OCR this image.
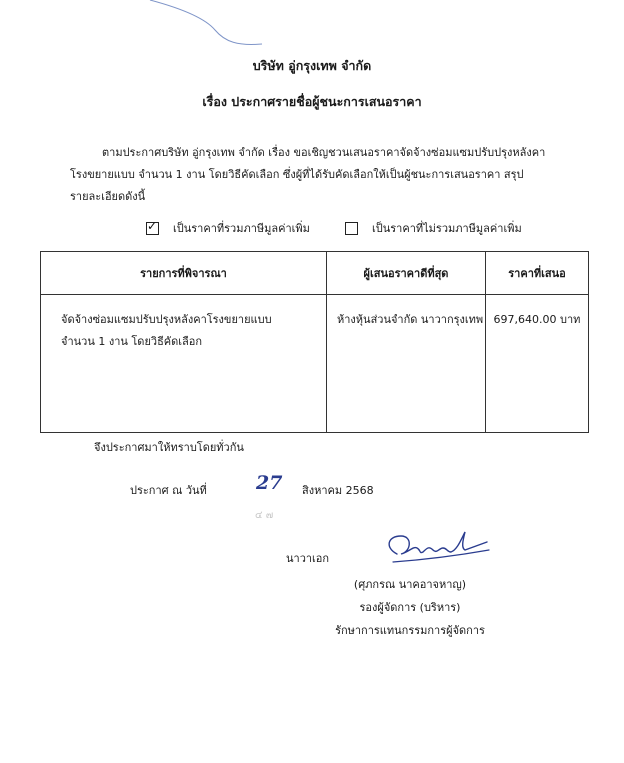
บริษัท อู่กรุงเทพ จำกัด
เรื่อง ประกาศรายชื่อผู้ชนะการเสนอราคา
ตามประกาศบริษัท อู่กรุงเทพ จำกัด เรื่อง ขอเชิญชวนเสนอราคาจัดจ้างซ่อมแซมปรับปรุงหลังคา
โรงขยายแบบ จำนวน 1 งาน โดยวิธีคัดเลือก ซึ่งผู้ที่ได้รับคัดเลือกให้เป็นผู้ชนะการเสนอราคา สรุป
รายละเอียดดังนี้
✓
เป็นราคาที่รวมภาษีมูลค่าเพิ่ม	เป็นราคาที่ไม่รวมภาษีมูลค่าเพิ่ม
รายการที่พิจารณา	ผู้เสนอราคาดีที่สุด	ราคาที่เสนอ

จัดจ้างซ่อมแซมปรับปรุงหลังคาโรงขยายแบบ
จำนวน 1 งาน โดยวิธีคัดเลือก	ห้างหุ้นส่วนจำกัด นาวากรุงเทพ	697,640.00 บาท
จึงประกาศมาให้ทราบโดยทั่วกัน
ประกาศ ณ วันที่	27 สิงหาคม 2568
๔ ๗
นาวาเอก
(ศุภกรณ นาคอาจหาญ)
รองผู้จัดการ (บริหาร)
รักษาการแทนกรรมการผู้จัดการ
